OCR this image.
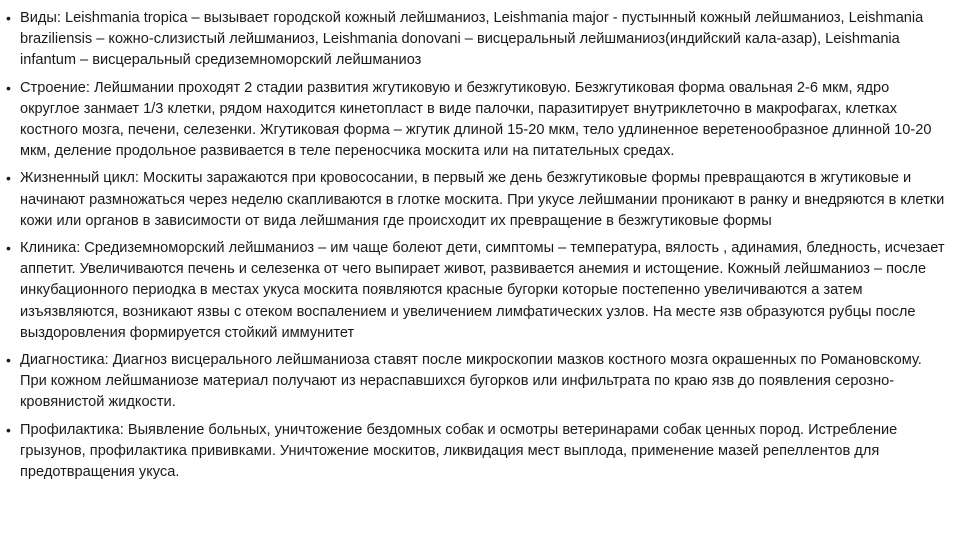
• Виды: Leishmania tropica – вызывает городской кожный лейшманиоз, Leishmania major - пустынный кожный лейшманиоз, Leishmania braziliensis – кожно-слизистый лейшманиоз, Leishmania donovani – висцеральный лейшманиоз(индийский кала-азар), Leishmania infantum – висцеральный средиземноморский лейшманиоз
• Строение: Лейшмании проходят 2 стадии развития жгутиковую и безжгутиковую. Безжгутиковая форма овальная 2-6 мкм, ядро округлое занмает 1/3 клетки, рядом находится кинетопласт в виде палочки, паразитирует внутриклеточно в макрофагах, клетках костного мозга, печени, селезенки. Жгутиковая форма – жгутик длиной 15-20 мкм, тело удлиненное веретенообразное длинной 10-20 мкм, деление продольное развивается в теле переносчика москита или на питательных средах.
• Жизненный цикл: Москиты заражаются при кровососании, в первый же день безжгутиковые формы превращаются в жгутиковые и начинают размножаться через неделю скапливаются в глотке москита. При укусе лейшмании проникают в ранку и внедряются в клетки кожи или органов в зависимости от вида лейшмания где происходит их превращение в безжгутиковые формы
• Клиника: Средиземноморский лейшманиоз – им чаще болеют дети, симптомы – температура, вялость , адинамия, бледность, исчезает аппетит. Увеличиваются печень и селезенка от чего выпирает живот, развивается анемия и истощение. Кожный лейшманиоз – после инкубационного периодка в местах укуса москита появляются красные бугорки которые постепенно увеличиваются а затем изъязвляются, возникают язвы с отеком воспалением и увеличением лимфатических узлов. На месте язв образуются рубцы после выздоровления формируется стойкий иммунитет
• Диагностика: Диагноз висцерального лейшманиоза ставят после микроскопии мазков костного мозга окрашенных по Романовскому. При кожном лейшманиозе материал получают из нераспавшихся бугорков или инфильтрата по краю язв до появления серозно-кровянистой жидкости.
• Профилактика: Выявление больных, уничтожение бездомных собак и осмотры ветеринарами собак ценных пород. Истребление грызунов, профилактика прививками. Уничтожение москитов, ликвидация мест выплода, применение мазей репеллентов для предотвращения укуса.
